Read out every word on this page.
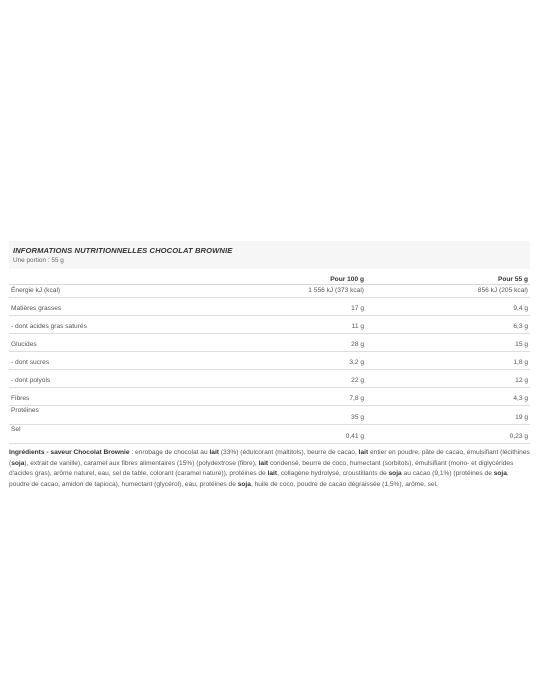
INFORMATIONS NUTRITIONNELLES CHOCOLAT BROWNIE
Une portion : 55 g
	Pour 100 g	Pour 55 g
Énergie kJ (kcal)	1 556 kJ (373 kcal)	856 kJ (205 kcal)
Matières grasses	17 g	9,4 g
- dont acides gras saturés	11 g	6,3 g
Glucides	28 g	15 g
- dont sucres	3,2 g	1,8 g
- dont polyols	22 g	12 g
Fibres	7,8 g	4,3 g
Protéines	35 g	19 g
Sel	0,41 g	0,23 g
Ingrédients - saveur Chocolat Brownie : enrobage de chocolat au lait (33%) (édulcorant (maltitols), beurre de cacao, lait entier en poudre, pâte de cacao, émulsifiant (lécithines (soja), extrait de vanille), caramel aux fibres alimentaires (15%) (polydextrose (fibre), lait condensé, beurre de coco, humectant (sorbitols), émulsifiant (mono- et diglycérides d'acides gras), arôme naturel, eau, sel de table, colorant (caramel nature)), protéines de lait, collagène hydrolysé, croustillants de soja au cacao (9,1%) (protéines de soja, poudre de cacao, amidon de tapioca), humectant (glycérol), eau, protéines de soja, huile de coco, poudre de cacao dégraissée (1,5%), arôme, sel.
